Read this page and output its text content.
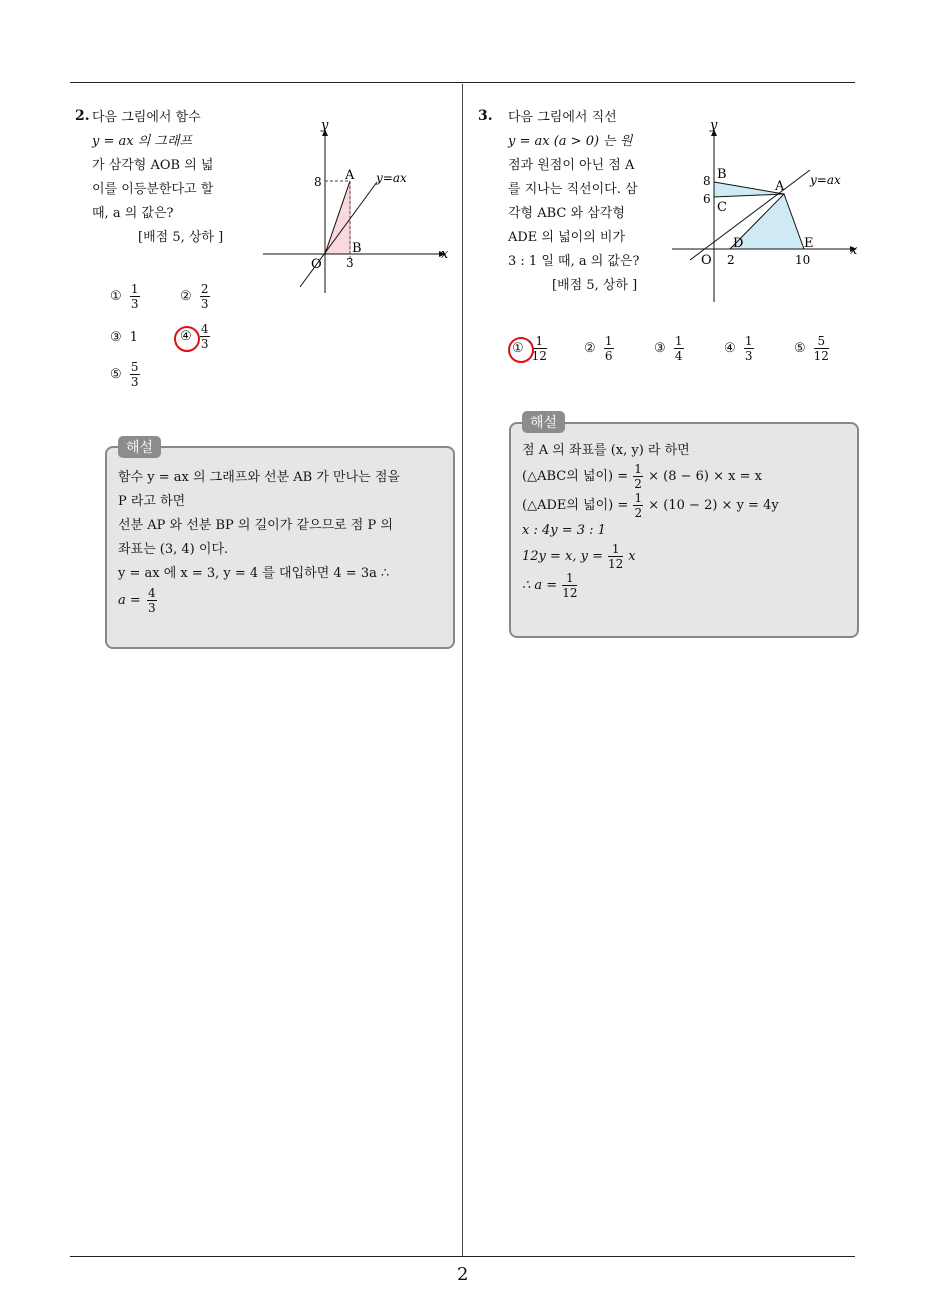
2
2. 다음 그림에서 함수
y = ax 의 그래프
가 삼각형 AOB 의 넓
이를 이등분한다고 할
때, a 의 값은?
[배점 5, 상하 ]
y
x
O
A
B
8
3
y=ax
① $\frac{1}{3}$	② $\frac{2}{3}$
③ 1	④ $\frac{4}{3}$
⑤ $\frac{5}{3}$
해설
함수 y = ax 의 그래프와 선분 AB 가 만나는 점을
P 라고 하면
선분 AP 와 선분 BP 의 길이가 같으므로 점 P 의
좌표는 (3, 4) 이다.
y = ax 에 x = 3, y = 4 를 대입하면 4 = 3a ∴
$a = \frac{4}{3}$
3. 다음 그림에서 직선
y = ax (a > 0) 는 원
점과 원점이 아닌 점 A
를 지나는 직선이다. 삼
각형 ABC 와 삼각형
ADE 의 넓이의 비가
3 : 1 일 때, a 의 값은?
[배점 5, 상하 ]
y
x
O
A
B
C
D	E
8
6
2	10
y=ax
① $\frac{1}{12}$	② $\frac{1}{6}$	③ $\frac{1}{4}$	④ $\frac{1}{3}$	⑤ $\frac{5}{12}$
해설
점 A 의 좌표를 (x, y) 라 하면
(△ABC의 넓이) = $\frac{1}{2} \times (8 - 6) \times x = x$
(△ADE의 넓이) = $\frac{1}{2} \times (10 - 2) \times y = 4y$
x : 4y = 3 : 1
12y = x, $y = \frac{1}{12}$ x
∴ $a = \frac{1}{12}$
